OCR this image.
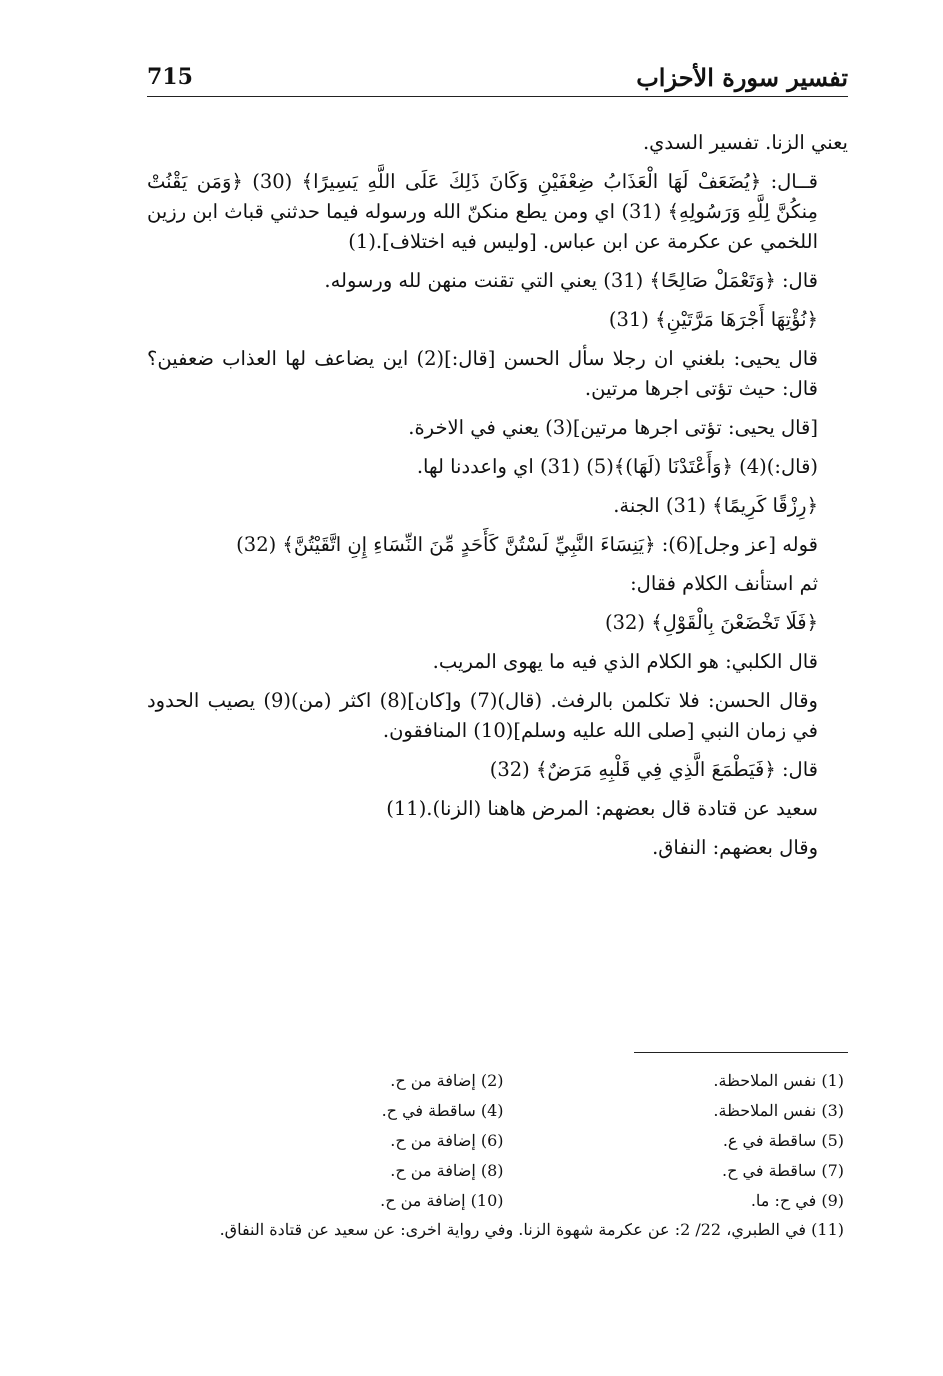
تفسير سورة الأحزاب
715

يعني الزنا. تفسير السدي.

قــال: ﴿يُضَعَفْ لَهَا الْعَذَابُ ضِعْفَيْنِ وَكَانَ ذَلِكَ عَلَى اللَّهِ يَسِيرًا﴾ (30) ﴿وَمَن يَقْنُتْ مِنكُنَّ لِلَّهِ وَرَسُولِهِ﴾ (31) اي ومن يطع منكنّ الله ورسوله فيما حدثني قباث ابن رزين اللخمي عن عكرمة عن ابن عباس. [وليس فيه اختلاف].(1)

قال: ﴿وَتَعْمَلْ صَالِحًا﴾ (31) يعني التي تقنت منهن لله ورسوله.

﴿نُؤْتِهَا أَجْرَهَا مَرَّتَيْنِ﴾ (31)

قال يحيى: بلغني ان رجلا سأل الحسن [قال:](2) اين يضاعف لها العذاب ضعفين؟ قال: حيث تؤتى اجرها مرتين.

[قال يحيى: تؤتى اجرها مرتين](3) يعني في الاخرة.

(قال:)(4) ﴿وَأَعْتَدْنَا (لَهَا)﴾(5) (31) اي واعددنا لها.

﴿رِزْقًا كَرِيمًا﴾ (31) الجنة.

قوله [عز وجل](6): ﴿يَنِسَاءَ النَّبِيِّ لَسْتُنَّ كَأَحَدٍ مِّنَ النِّسَاءِ إِنِ اتَّقَيْتُنَّ﴾ (32)

ثم استأنف الكلام فقال:

﴿فَلَا تَخْضَعْنَ بِالْقَوْلِ﴾ (32)

قال الكلبي: هو الكلام الذي فيه ما يهوى المريب.

وقال الحسن: فلا تكلمن بالرفث. (قال)(7) و[كان](8) اكثر (من)(9) يصيب الحدود في زمان النبي [صلى الله عليه وسلم](10) المنافقون.

قال: ﴿فَيَطْمَعَ الَّذِي فِي قَلْبِهِ مَرَضٌ﴾ (32)

سعيد عن قتادة قال بعضهم: المرض هاهنا (الزنا).(11)

وقال بعضهم: النفاق.

(1) نفس الملاحظة.
(2) إضافة من ح.
(3) نفس الملاحظة.
(4) ساقطة في ح.
(5) ساقطة في ع.
(6) إضافة من ح.
(7) ساقطة في ح.
(8) إضافة من ح.
(9) في ح: ما.
(10) إضافة من ح.
(11) في الطبري، 22/ 2: عن عكرمة شهوة الزنا. وفي رواية اخرى: عن سعيد عن قتادة النفاق.
